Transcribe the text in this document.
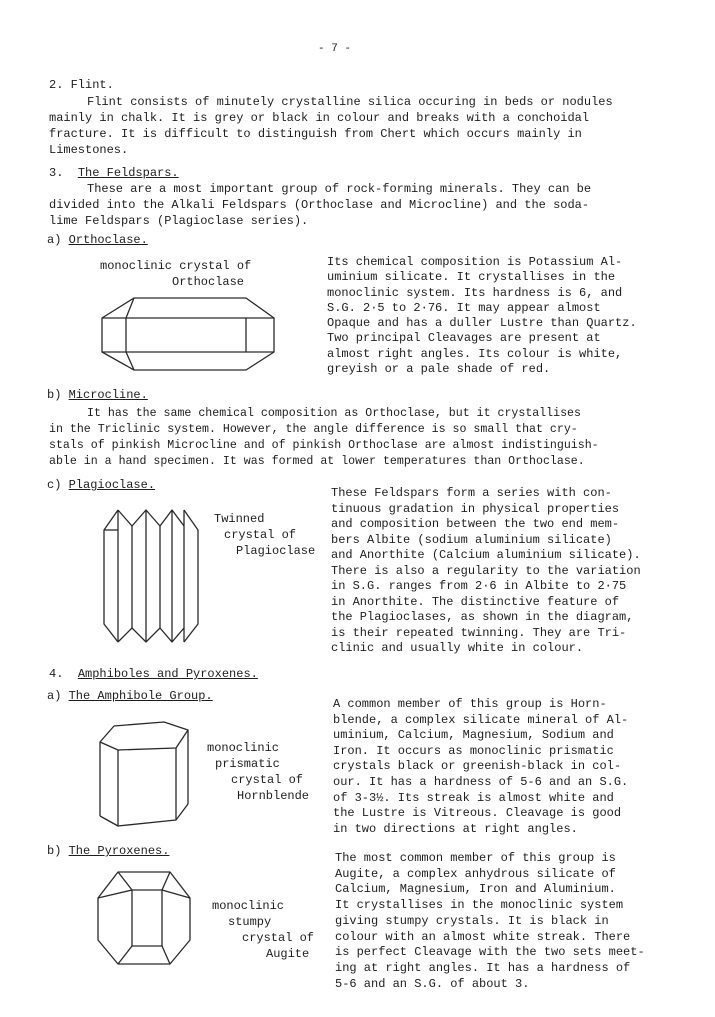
- 7 -
2. Flint.
Flint consists of minutely crystalline silica occuring in beds or nodules
mainly in chalk. It is grey or black in colour and breaks with a conchoidal
fracture. It is difficult to distinguish from Chert which occurs mainly in
Limestones.
3. The Feldspars.
These are a most important group of rock-forming minerals. They can be
divided into the Alkali Feldspars (Orthoclase and Microcline) and the soda-
lime Feldspars (Plagioclase series).
a) Orthoclase.
monoclinic crystal of
Orthoclase
Its chemical composition is Potassium Al-
uminium silicate. It crystallises in the
monoclinic system. Its hardness is 6, and
S.G. 2·5 to 2·76. It may appear almost
Opaque and has a duller Lustre than Quartz.
Two principal Cleavages are present at
almost right angles. Its colour is white,
greyish or a pale shade of red.
b) Microcline.
It has the same chemical composition as Orthoclase, but it crystallises
in the Triclinic system. However, the angle difference is so small that cry-
stals of pinkish Microcline and of pinkish Orthoclase are almost indistinguish-
able in a hand specimen. It was formed at lower temperatures than Orthoclase.
c) Plagioclase.
Twinned
crystal of
Plagioclase
These Feldspars form a series with con-
tinuous gradation in physical properties
and composition between the two end mem-
bers Albite (sodium aluminium silicate)
and Anorthite (Calcium aluminium silicate).
There is also a regularity to the variation
in S.G. ranges from 2·6 in Albite to 2·75
in Anorthite. The distinctive feature of
the Plagioclases, as shown in the diagram,
is their repeated twinning. They are Tri-
clinic and usually white in colour.
4. Amphiboles and Pyroxenes.
a) The Amphibole Group.
monoclinic
prismatic
crystal of
Hornblende
A common member of this group is Horn-
blende, a complex silicate mineral of Al-
uminium, Calcium, Magnesium, Sodium and
Iron. It occurs as monoclinic prismatic
crystals black or greenish-black in col-
our. It has a hardness of 5-6 and an S.G.
of 3-3½. Its streak is almost white and
the Lustre is Vitreous. Cleavage is good
in two directions at right angles.
b) The Pyroxenes.
monoclinic
stumpy
crystal of
Augite
The most common member of this group is
Augite, a complex anhydrous silicate of
Calcium, Magnesium, Iron and Aluminium.
It crystallises in the monoclinic system
giving stumpy crystals. It is black in
colour with an almost white streak. There
is perfect Cleavage with the two sets meet-
ing at right angles. It has a hardness of
5-6 and an S.G. of about 3.
